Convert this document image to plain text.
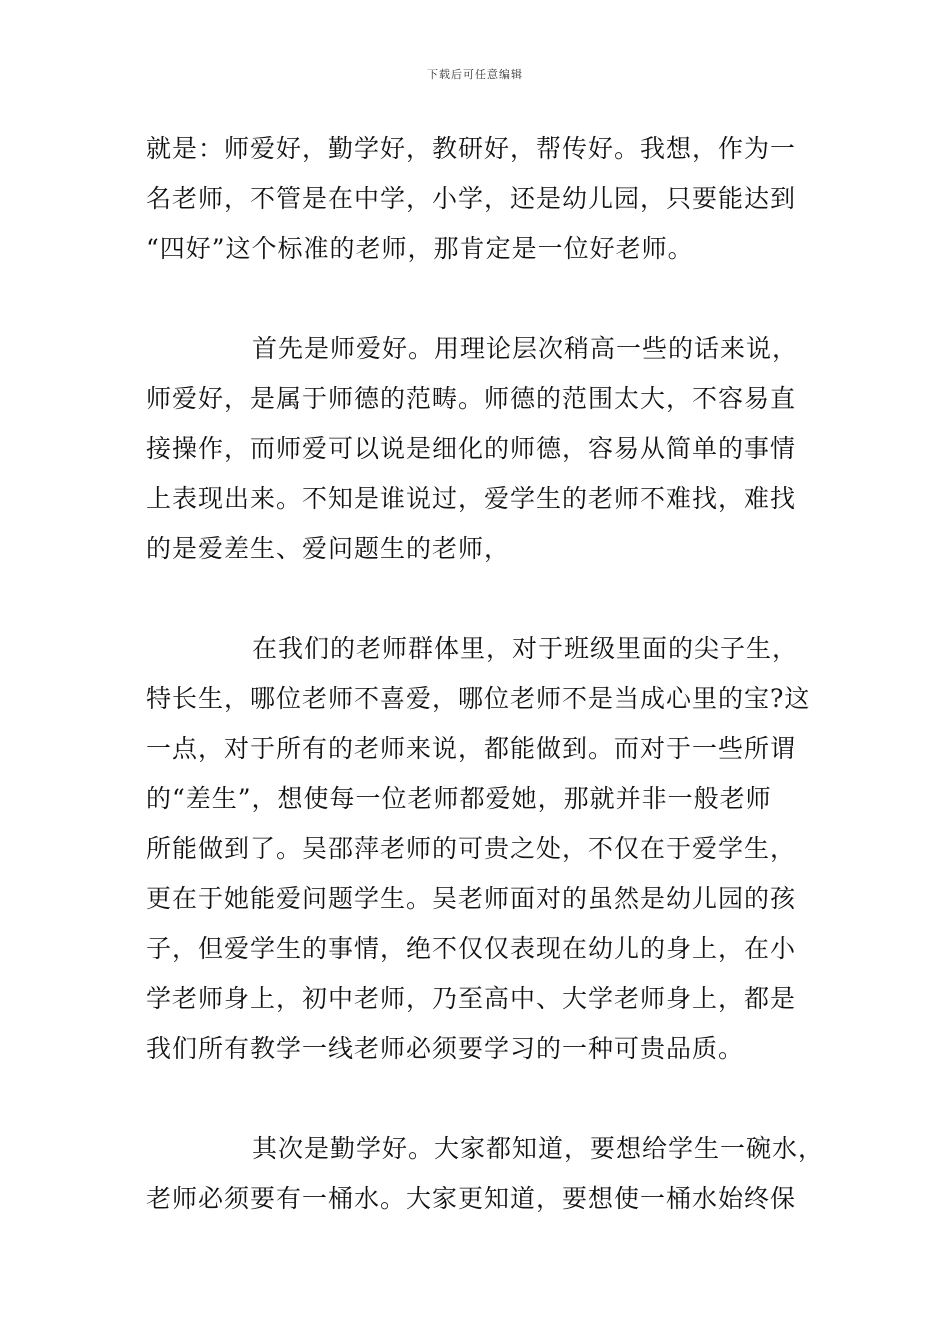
下载后可任意编辑
就是：师爱好，勤学好，教研好，帮传好。我想，作为一
名老师，不管是在中学，小学，还是幼儿园，只要能达到
“四好”这个标准的老师，那肯定是一位好老师。
首先是师爱好。用理论层次稍高一些的话来说，
师爱好，是属于师德的范畴。师德的范围太大，不容易直
接操作，而师爱可以说是细化的师德，容易从简单的事情
上表现出来。不知是谁说过，爱学生的老师不难找，难找
的是爱差生、爱问题生的老师，
在我们的老师群体里，对于班级里面的尖子生，
特长生，哪位老师不喜爱，哪位老师不是当成心里的宝?这
一点，对于所有的老师来说，都能做到。而对于一些所谓
的“差生”，想使每一位老师都爱她，那就并非一般老师
所能做到了。吴邵萍老师的可贵之处，不仅在于爱学生，
更在于她能爱问题学生。吴老师面对的虽然是幼儿园的孩
子，但爱学生的事情，绝不仅仅表现在幼儿的身上，在小
学老师身上，初中老师，乃至高中、大学老师身上，都是
我们所有教学一线老师必须要学习的一种可贵品质。
其次是勤学好。大家都知道，要想给学生一碗水，
老师必须要有一桶水。大家更知道，要想使一桶水始终保
